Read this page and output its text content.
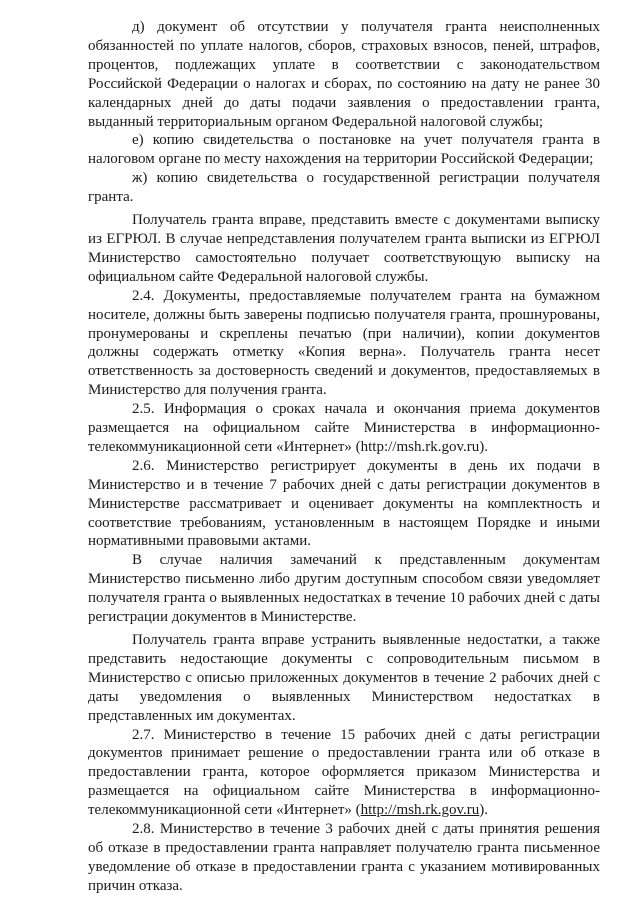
д) документ об отсутствии у получателя гранта неисполненных обязанностей по уплате налогов, сборов, страховых взносов, пеней, штрафов, процентов, подлежащих уплате в соответствии с законодательством Российской Федерации о налогах и сборах, по состоянию на дату не ранее 30 календарных дней до даты подачи заявления о предоставлении гранта, выданный территориальным органом Федеральной налоговой службы;

е) копию свидетельства о постановке на учет получателя гранта в налоговом органе по месту нахождения на территории Российской Федерации;

ж) копию свидетельства о государственной регистрации получателя гранта.

Получатель гранта вправе, представить вместе с документами выписку из ЕГРЮЛ. В случае непредставления получателем гранта выписки из ЕГРЮЛ Министерство самостоятельно получает соответствующую выписку на официальном сайте Федеральной налоговой службы.

2.4. Документы, предоставляемые получателем гранта на бумажном носителе, должны быть заверены подписью получателя гранта, прошнурованы, пронумерованы и скреплены печатью (при наличии), копии документов должны содержать отметку «Копия верна». Получатель гранта несет ответственность за достоверность сведений и документов, предоставляемых в Министерство для получения гранта.

2.5. Информация о сроках начала и окончания приема документов размещается на официальном сайте Министерства в информационно-телекоммуникационной сети «Интернет» (http://msh.rk.gov.ru).

2.6. Министерство регистрирует документы в день их подачи в Министерство и в течение 7 рабочих дней с даты регистрации документов в Министерстве рассматривает и оценивает документы на комплектность и соответствие требованиям, установленным в настоящем Порядке и иными нормативными правовыми актами.

В случае наличия замечаний к представленным документам Министерство письменно либо другим доступным способом связи уведомляет получателя гранта о выявленных недостатках в течение 10 рабочих дней с даты регистрации документов в Министерстве.

Получатель гранта вправе устранить выявленные недостатки, а также представить недостающие документы с сопроводительным письмом в Министерство с описью приложенных документов в течение 2 рабочих дней с даты уведомления о выявленных Министерством недостатках в представленных им документах.

2.7. Министерство в течение 15 рабочих дней с даты регистрации документов принимает решение о предоставлении гранта или об отказе в предоставлении гранта, которое оформляется приказом Министерства и размещается на официальном сайте Министерства в информационно-телекоммуникационной сети «Интернет» (http://msh.rk.gov.ru).

2.8. Министерство в течение 3 рабочих дней с даты принятия решения об отказе в предоставлении гранта направляет получателю гранта письменное уведомление об отказе в предоставлении гранта с указанием мотивированных причин отказа.
